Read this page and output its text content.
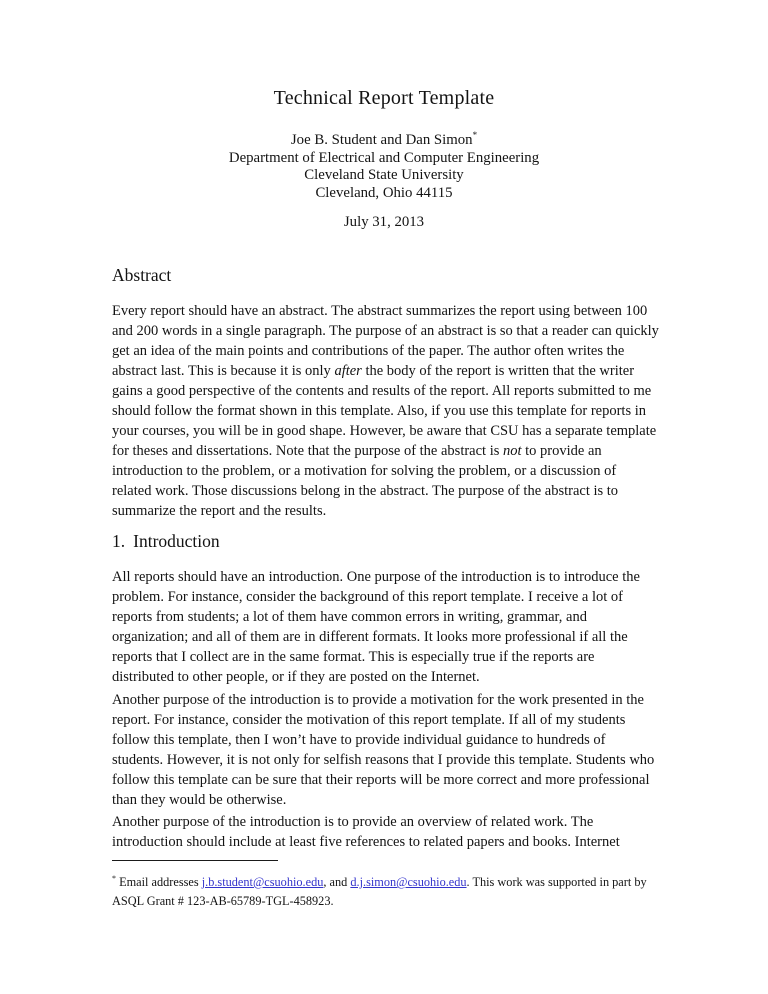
Technical Report Template
Joe B. Student and Dan Simon*
Department of Electrical and Computer Engineering
Cleveland State University
Cleveland, Ohio 44115
July 31, 2013
Abstract

Every report should have an abstract. The abstract summarizes the report using between 100 and 200 words in a single paragraph. The purpose of an abstract is so that a reader can quickly get an idea of the main points and contributions of the paper. The author often writes the abstract last. This is because it is only after the body of the report is written that the writer gains a good perspective of the contents and results of the report. All reports submitted to me should follow the format shown in this template. Also, if you use this template for reports in your courses, you will be in good shape. However, be aware that CSU has a separate template for theses and dissertations. Note that the purpose of the abstract is not to provide an introduction to the problem, or a motivation for solving the problem, or a discussion of related work. Those discussions belong in the abstract. The purpose of the abstract is to summarize the report and the results.

1. Introduction

All reports should have an introduction. One purpose of the introduction is to introduce the problem. For instance, consider the background of this report template. I receive a lot of reports from students; a lot of them have common errors in writing, grammar, and organization; and all of them are in different formats. It looks more professional if all the reports that I collect are in the same format. This is especially true if the reports are distributed to other people, or if they are posted on the Internet.

Another purpose of the introduction is to provide a motivation for the work presented in the report. For instance, consider the motivation of this report template. If all of my students follow this template, then I won’t have to provide individual guidance to hundreds of students. However, it is not only for selfish reasons that I provide this template. Students who follow this template can be sure that their reports will be more correct and more professional than they would be otherwise.

Another purpose of the introduction is to provide an overview of related work. The introduction should include at least five references to related papers and books. Internet

* Email addresses j.b.student@csuohio.edu, and d.j.simon@csuohio.edu. This work was supported in part by ASQL Grant # 123-AB-65789-TGL-458923.
